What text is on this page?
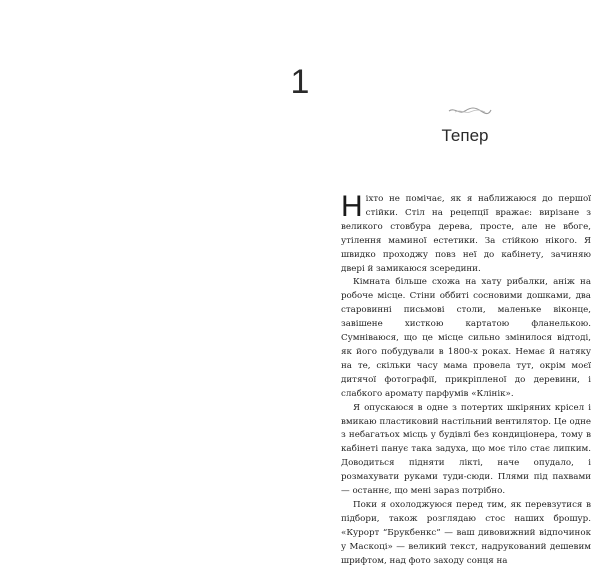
1
Тепер

Ніхто не помічає, як я наближаюся до першої стійки. Стіл на рецепції вражає: вирізане з великого стовбура дерева, просте, але не вбоге, утілення маминої естетики. За стійкою нікого. Я швидко проходжу повз неї до кабінету, зачиняю двері й замикаюся зсередини.

Кімната більше схожа на хату рибалки, аніж на робоче місце. Стіни оббиті сосновими дошками, два старовинні письмові столи, маленьке віконце, завішене хисткою картатою фланелькою. Сумніваюся, що це місце сильно змінилося відтоді, як його побудували в 1800-х роках. Немає й натяку на те, скільки часу мама провела тут, окрім моєї дитячої фотографії, прикріпленої до деревини, і слабкого аромату парфумів «Клінік».

Я опускаюся в одне з потертих шкіряних крісел і вмикаю пластиковий настільний вентилятор. Це одне з небагатьох місць у будівлі без кондиціонера, тому в кабінеті панує така задуха, що моє тіло стає липким. Доводиться підняти лікті, наче опудало, і розмахувати руками туди-сюди. Плями під пахвами — останнє, що мені зараз потрібно.

Поки я охолоджуюся перед тим, як перевзутися в підбори, також розглядаю стос наших брошур. «Курорт “Брукбенкс” — ваш дивовижний відпочинок у Мaскоці» — великий текст, надрукований дешевим шрифтом, над фото заходу сонця на
